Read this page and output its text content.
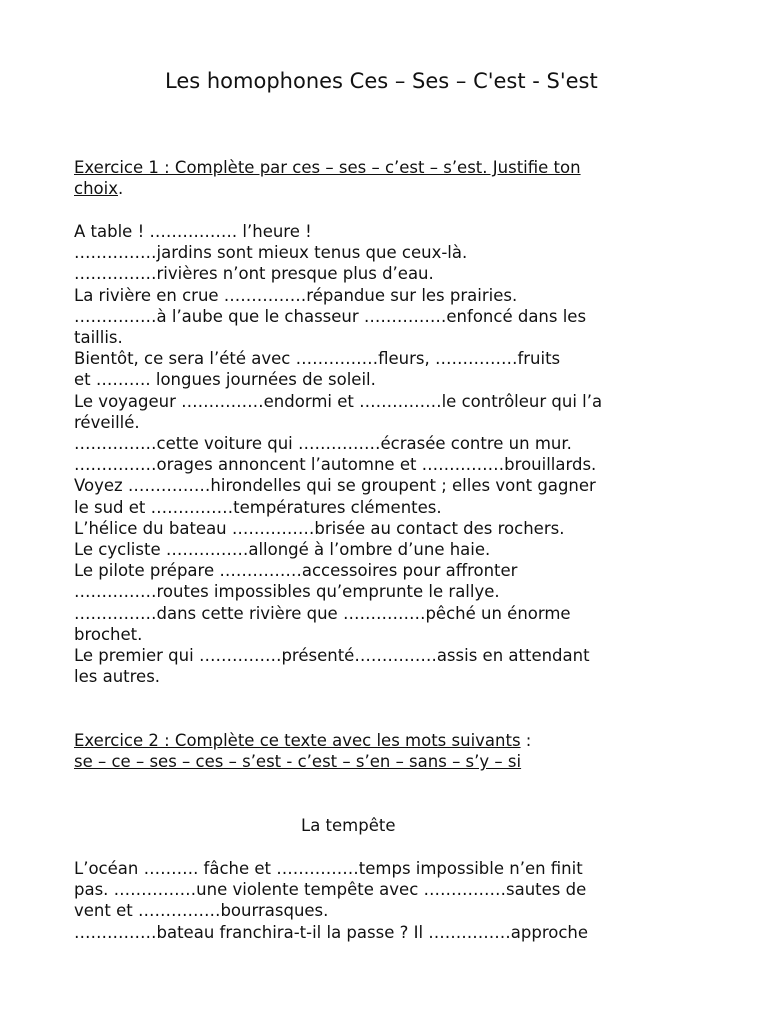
Les homophones Ces – Ses – C'est - S'est
Exercice 1 : Complète par ces – ses – c’est – s’est. Justifie ton
choix.
A table ! ……………. l’heure !
……………jardins sont mieux tenus que ceux-là.
……………rivières n’ont presque plus d’eau.
La rivière en crue ……………répandue sur les prairies.
……………à l’aube que le chasseur ……………enfoncé dans les
taillis.
Bientôt, ce sera l’été avec ……………fleurs, ……………fruits
et ………. longues journées de soleil.
Le voyageur ……………endormi et ……………le contrôleur qui l’a
réveillé.
……………cette voiture qui ……………écrasée contre un mur.
……………orages annoncent l’automne et ……………brouillards.
Voyez ……………hirondelles qui se groupent ; elles vont gagner
le sud et ……………températures clémentes.
L’hélice du bateau ……………brisée au contact des rochers.
Le cycliste ……………allongé à l’ombre d’une haie.
Le pilote prépare ……………accessoires pour affronter
……………routes impossibles qu’emprunte le rallye.
……………dans cette rivière que ……………pêché un énorme
brochet.
Le premier qui ……………présenté……………assis en attendant
les autres.
Exercice 2 : Complète ce texte avec les mots suivants :
se – ce – ses – ces – s’est - c’est – s’en – sans – s’y – si
La tempête
L’océan ………. fâche et ……………temps impossible n’en finit
pas. ……………une violente tempête avec ……………sautes de
vent et ……………bourrasques.
……………bateau franchira-t-il la passe ? Il ……………approche
